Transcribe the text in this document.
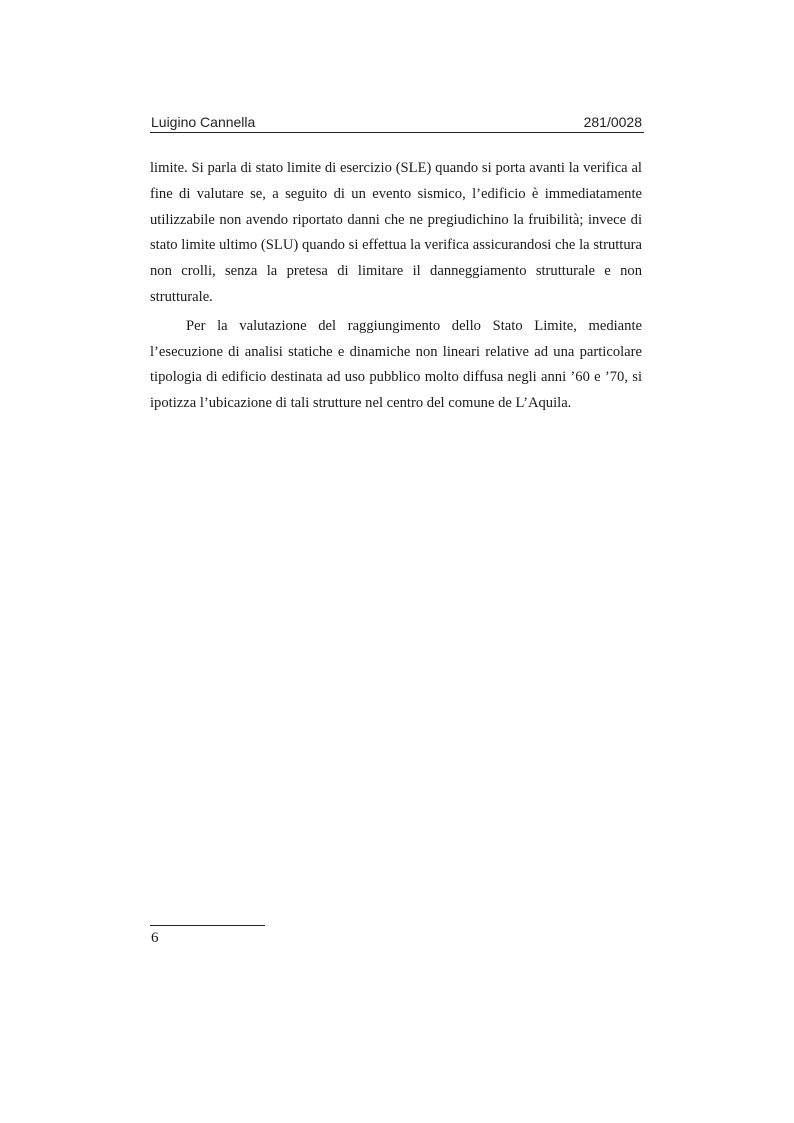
Luigino Cannella	281/0028

limite. Si parla di stato limite di esercizio (SLE) quando si porta avanti la verifica al fine di valutare se, a seguito di un evento sismico, l’edificio è immediatamente utilizzabile non avendo riportato danni che ne pregiudichino la fruibilità; invece di stato limite ultimo (SLU) quando si effettua la verifica assicurandosi che la struttura non crolli, senza la pretesa di limitare il danneggiamento strutturale e non strutturale.

Per la valutazione del raggiungimento dello Stato Limite, mediante l’esecuzione di analisi statiche e dinamiche non lineari relative ad una particolare tipologia di edificio destinata ad uso pubblico molto diffusa negli anni ’60 e ’70, si ipotizza l’ubicazione di tali strutture nel centro del comune de L’Aquila.

6
